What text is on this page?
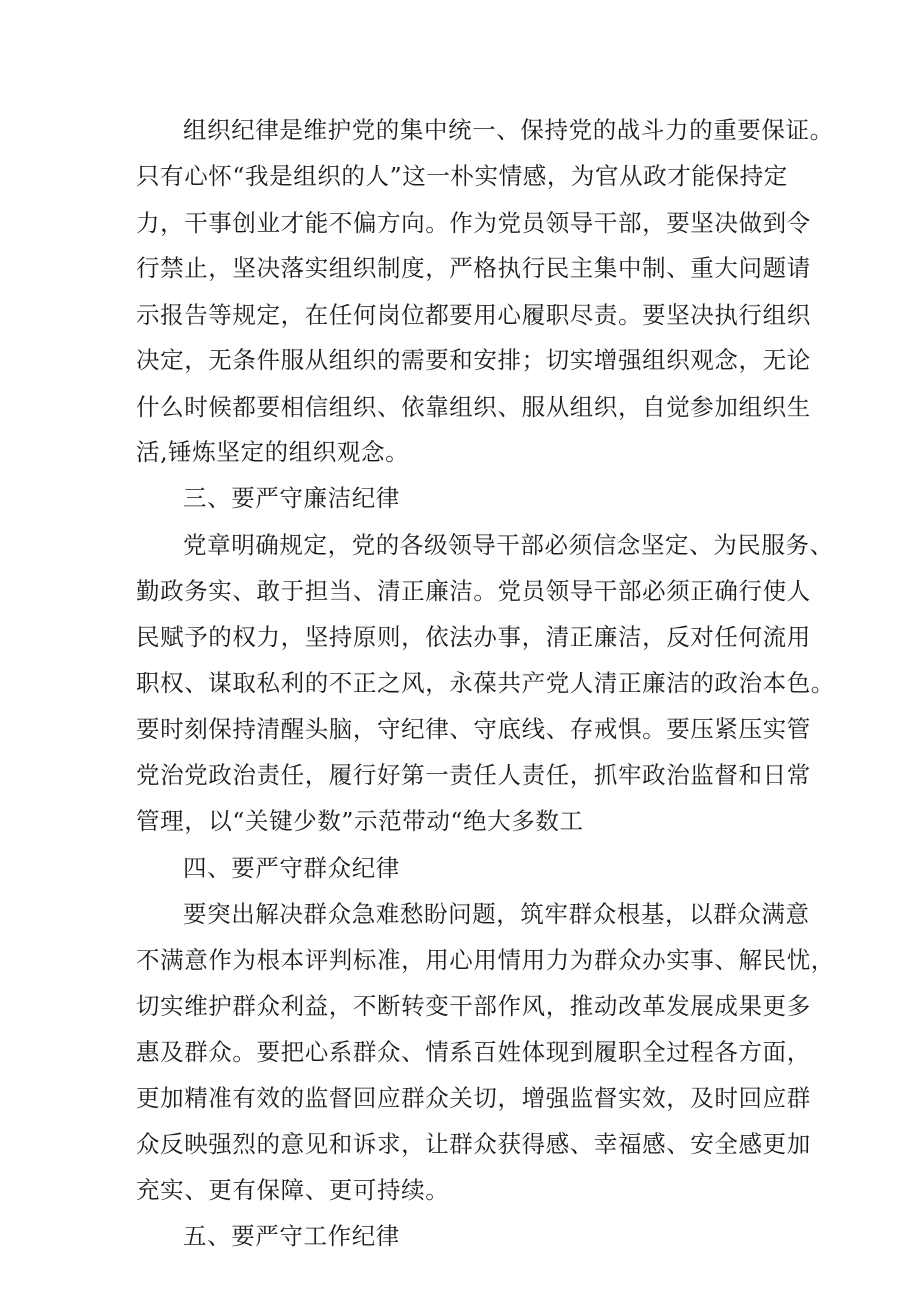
组织纪律是维护党的集中统一、保持党的战斗力的重要保证。

只有心怀“我是组织的人”这一朴实情感，为官从政才能保持定

力，干事创业才能不偏方向。作为党员领导干部，要坚决做到令

行禁止，坚决落实组织制度，严格执行民主集中制、重大问题请

示报告等规定，在任何岗位都要用心履职尽责。要坚决执行组织

决定，无条件服从组织的需要和安排；切实增强组织观念，无论

什么时候都要相信组织、依靠组织、服从组织，自觉参加组织生

活,锤炼坚定的组织观念。

三、要严守廉洁纪律

党章明确规定，党的各级领导干部必须信念坚定、为民服务、

勤政务实、敢于担当、清正廉洁。党员领导干部必须正确行使人

民赋予的权力，坚持原则，依法办事，清正廉洁，反对任何流用

职权、谋取私利的不正之风，永葆共产党人清正廉洁的政治本色。

要时刻保持清醒头脑，守纪律、守底线、存戒惧。要压紧压实管

党治党政治责任，履行好第一责任人责任，抓牢政治监督和日常

管理，以“关键少数”示范带动“绝大多数工

四、要严守群众纪律

要突出解决群众急难愁盼问题，筑牢群众根基，以群众满意

不满意作为根本评判标准，用心用情用力为群众办实事、解民忧，

切实维护群众利益，不断转变干部作风，推动改革发展成果更多

惠及群众。要把心系群众、情系百姓体现到履职全过程各方面，

更加精准有效的监督回应群众关切，增强监督实效，及时回应群

众反映强烈的意见和诉求，让群众获得感、幸福感、安全感更加

充实、更有保障、更可持续。

五、要严守工作纪律
